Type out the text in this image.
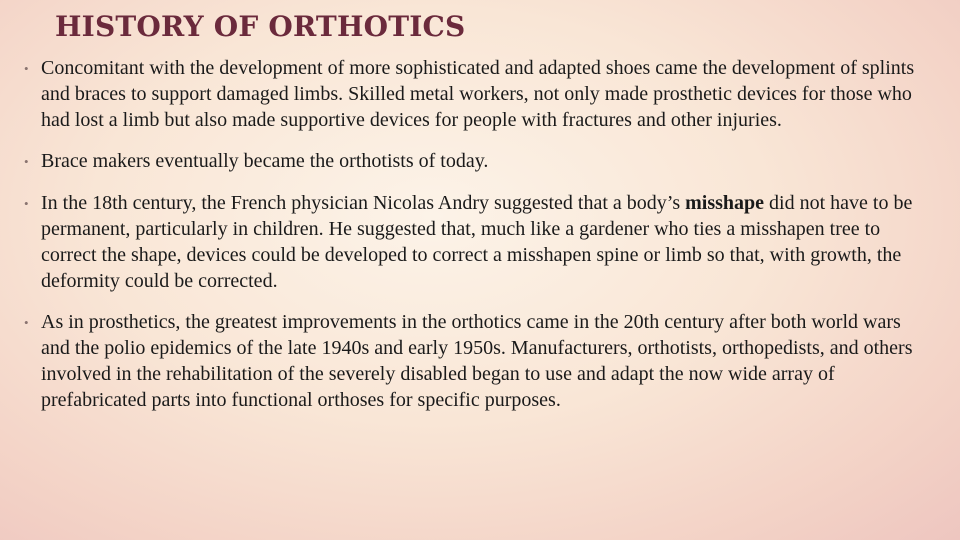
HISTORY OF ORTHOTICS
• Concomitant with the development of more sophisticated and adapted shoes came the development of splints and braces to support damaged limbs. Skilled metal workers, not only made prosthetic devices for those who had lost a limb but also made supportive devices for people with fractures and other injuries.
• Brace makers eventually became the orthotists of today.
• In the 18th century, the French physician Nicolas Andry suggested that a body’s misshape did not have to be permanent, particularly in children. He suggested that, much like a gardener who ties a misshapen tree to correct the shape, devices could be developed to correct a misshapen spine or limb so that, with growth, the deformity could be corrected.
• As in prosthetics, the greatest improvements in the orthotics came in the 20th century after both world wars and the polio epidemics of the late 1940s and early 1950s. Manufacturers, orthotists, orthopedists, and others involved in the rehabilitation of the severely disabled began to use and adapt the now wide array of prefabricated parts into functional orthoses for specific purposes.
